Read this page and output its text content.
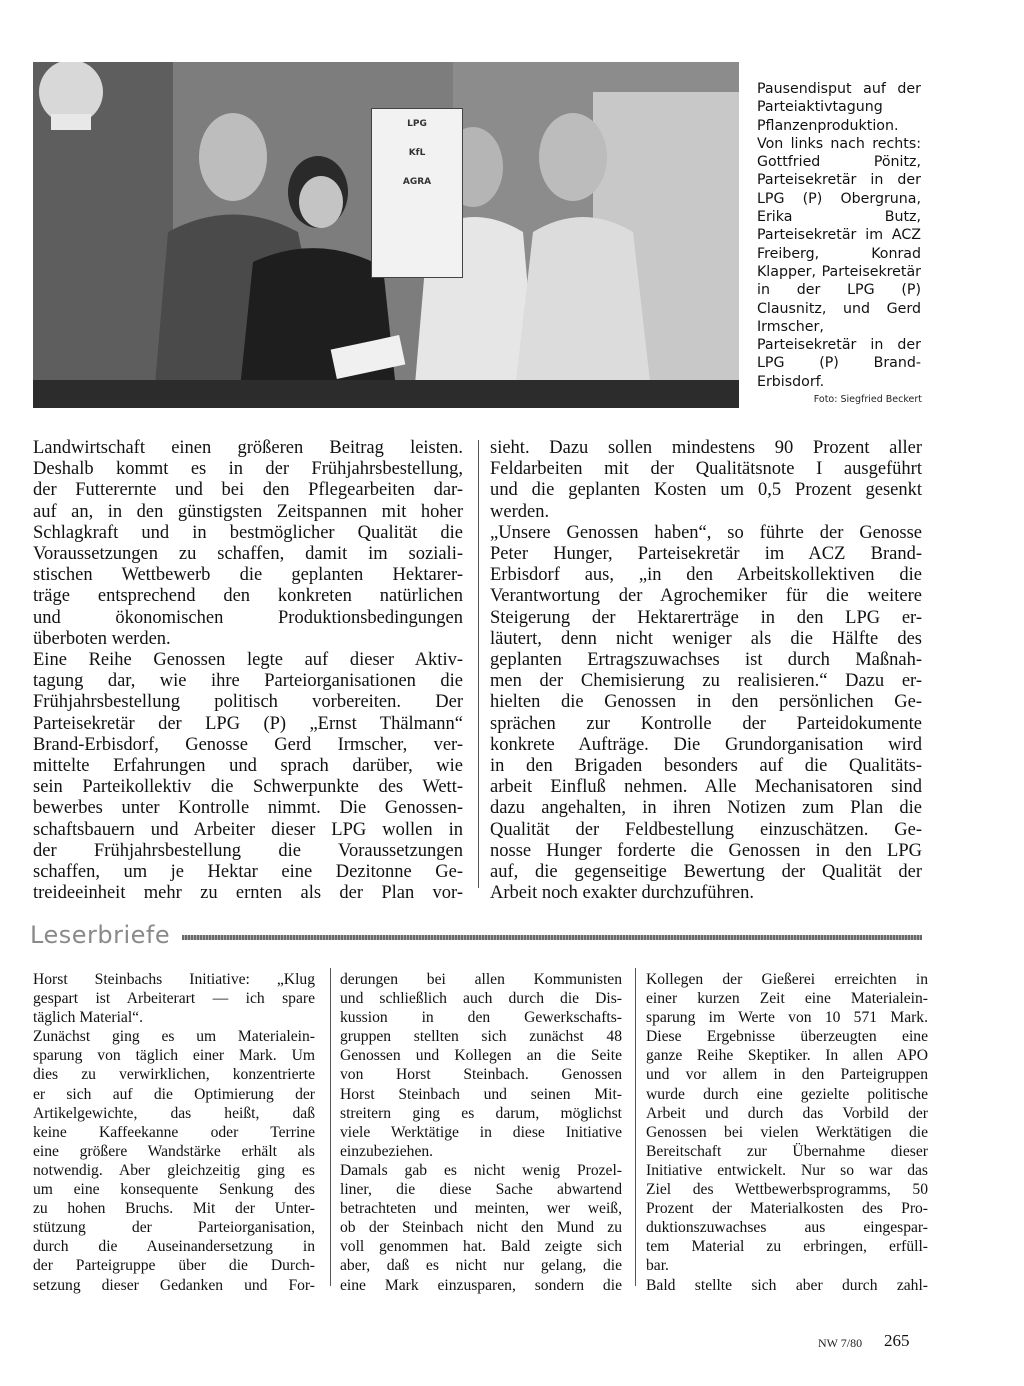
LPG
KfL
AGRA
Pausendisput auf der Parteiaktivtagung Pflanzenproduktion. Von links nach rechts: Gottfried Pönitz, Parteisekretär in der LPG (P) Obergruna, Erika Butz, Parteisekretär im ACZ Freiberg, Konrad Klapper, Parteisekretär in der LPG (P) Clausnitz, und Gerd Irmscher, Parteisekretär in der LPG (P) Brand-Erbisdorf.
Foto: Siegfried Beckert

Landwirtschaft einen größeren Beitrag leisten.
Deshalb kommt es in der Frühjahrsbestellung,
der Futterernte und bei den Pflegearbeiten dar-
auf an, in den günstigsten Zeitspannen mit hoher
Schlagkraft und in bestmöglicher Qualität die
Voraussetzungen zu schaffen, damit im soziali-
stischen Wettbewerb die geplanten Hektarer-
träge entsprechend den konkreten natürlichen
und ökonomischen Produktionsbedingungen
überboten werden.
Eine Reihe Genossen legte auf dieser Aktiv-
tagung dar, wie ihre Parteiorganisationen die
Frühjahrsbestellung politisch vorbereiten. Der
Parteisekretär der LPG (P) „Ernst Thälmann“
Brand-Erbisdorf, Genosse Gerd Irmscher, ver-
mittelte Erfahrungen und sprach darüber, wie
sein Parteikollektiv die Schwerpunkte des Wett-
bewerbes unter Kontrolle nimmt. Die Genossen-
schaftsbauern und Arbeiter dieser LPG wollen in
der Frühjahrsbestellung die Voraussetzungen
schaffen, um je Hektar eine Dezitonne Ge-
treideeinheit mehr zu ernten als der Plan vor-

sieht. Dazu sollen mindestens 90 Prozent aller
Feldarbeiten mit der Qualitätsnote I ausgeführt
und die geplanten Kosten um 0,5 Prozent gesenkt
werden.
„Unsere Genossen haben“, so führte der Genosse
Peter Hunger, Parteisekretär im ACZ Brand-
Erbisdorf aus, „in den Arbeitskollektiven die
Verantwortung der Agrochemiker für die weitere
Steigerung der Hektarerträge in den LPG er-
läutert, denn nicht weniger als die Hälfte des
geplanten Ertragszuwachses ist durch Maßnah-
men der Chemisierung zu realisieren.“ Dazu er-
hielten die Genossen in den persönlichen Ge-
sprächen zur Kontrolle der Parteidokumente
konkrete Aufträge. Die Grundorganisation wird
in den Brigaden besonders auf die Qualitäts-
arbeit Einfluß nehmen. Alle Mechanisatoren sind
dazu angehalten, in ihren Notizen zum Plan die
Qualität der Feldbestellung einzuschätzen. Ge-
nosse Hunger forderte die Genossen in den LPG
auf, die gegenseitige Bewertung der Qualität der
Arbeit noch exakter durchzuführen.

Leserbriefe

Horst Steinbachs Initiative: „Klug
gespart ist Arbeiterart — ich spare
täglich Material“.
Zunächst ging es um Materialein-
sparung von täglich einer Mark. Um
dies zu verwirklichen, konzentrierte
er sich auf die Optimierung der
Artikelgewichte, das heißt, daß
keine Kaffeekanne oder Terrine
eine größere Wandstärke erhält als
notwendig. Aber gleichzeitig ging es
um eine konsequente Senkung des
zu hohen Bruchs. Mit der Unter-
stützung der Parteiorganisation,
durch die Auseinandersetzung in
der Parteigruppe über die Durch-
setzung dieser Gedanken und For-

derungen bei allen Kommunisten
und schließlich auch durch die Dis-
kussion in den Gewerkschafts-
gruppen stellten sich zunächst 48
Genossen und Kollegen an die Seite
von Horst Steinbach. Genossen
Horst Steinbach und seinen Mit-
streitern ging es darum, möglichst
viele Werktätige in diese Initiative
einzubeziehen.
Damals gab es nicht wenig Prozel-
liner, die diese Sache abwartend
betrachteten und meinten, wer weiß,
ob der Steinbach nicht den Mund zu
voll genommen hat. Bald zeigte sich
aber, daß es nicht nur gelang, die
eine Mark einzusparen, sondern die

Kollegen der Gießerei erreichten in
einer kurzen Zeit eine Materialein-
sparung im Werte von 10 571 Mark.
Diese Ergebnisse überzeugten eine
ganze Reihe Skeptiker. In allen APO
und vor allem in den Parteigruppen
wurde durch eine gezielte politische
Arbeit und durch das Vorbild der
Genossen bei vielen Werktätigen die
Bereitschaft zur Übernahme dieser
Initiative entwickelt. Nur so war das
Ziel des Wettbewerbsprogramms, 50
Prozent der Materialkosten des Pro-
duktionszuwachses aus eingespar-
tem Material zu erbringen, erfüll-
bar.
Bald stellte sich aber durch zahl-

NW 7/80 265
